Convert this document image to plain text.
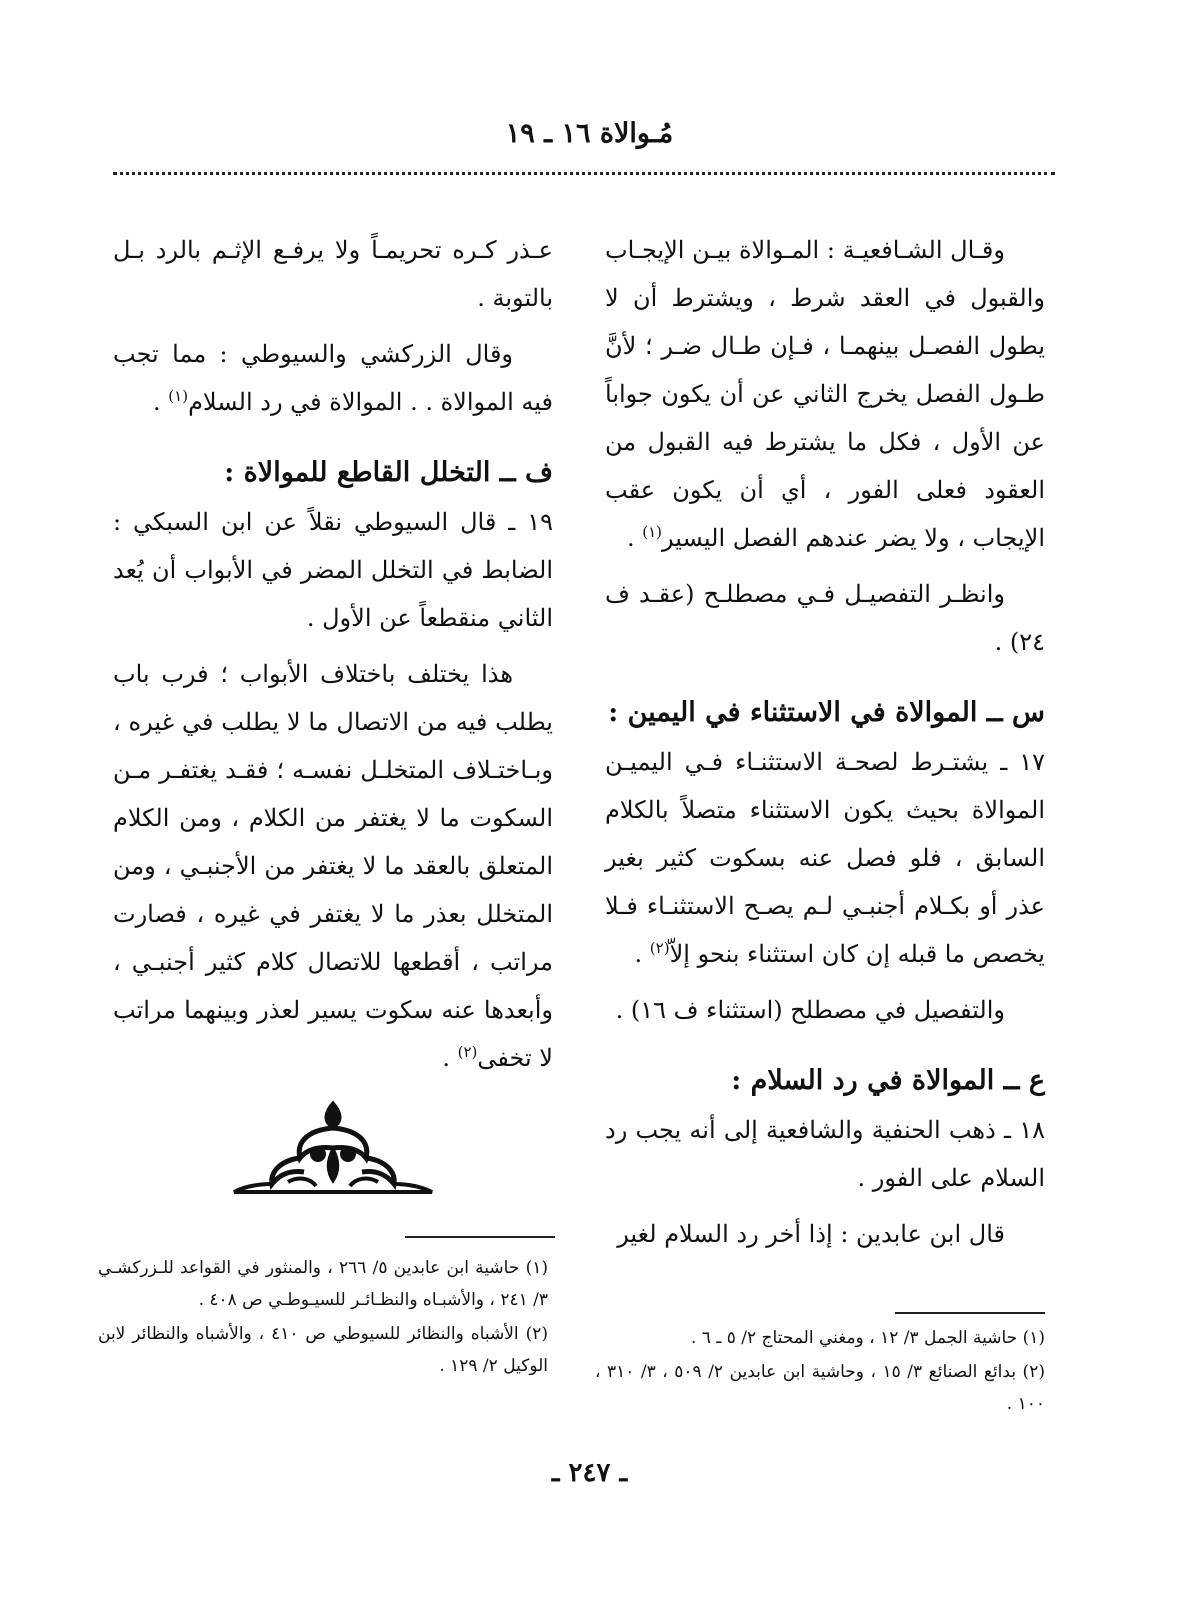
مُـوالاة ١٦ ـ ١٩

وقـال الشـافعيـة : المـوالاة بيـن الإيجـاب والقبول في العقد شرط ، ويشترط أن لا يطول الفصـل بينهمـا ، فـإن طـال ضـر ؛ لأنَّ طـول الفصل يخرج الثاني عن أن يكون جواباً عن الأول ، فكل ما يشترط فيه القبول من العقود فعلى الفور ، أي أن يكون عقب الإيجاب ، ولا يضر عندهم الفصل اليسير$^{(١)}$ .

وانظـر التفصيـل فـي مصطلـح (عقـد ف ٢٤) .

س ــ الموالاة في الاستثناء في اليمين :

١٧ ـ يشتـرط لصحـة الاستثنـاء فـي اليميـن الموالاة بحيث يكون الاستثناء متصلاً بالكلام السابق ، فلو فصل عنه بسكوت كثير بغير عذر أو بكـلام أجنبـي لـم يصـح الاستثنـاء فـلا يخصص ما قبله إن كان استثناء بنحو إلاّ$^{(٢)}$ .

والتفصيل في مصطلح (استثناء ف ١٦) .

ع ــ الموالاة في رد السلام :

١٨ ـ ذهب الحنفية والشافعية إلى أنه يجب رد السلام على الفور .

قال ابن عابدين : إذا أخر رد السلام لغير

عـذر كـره تحريمـاً ولا يرفـع الإثـم بالرد بـل بالتوبة .

وقال الزركشي والسيوطي : مما تجب فيه الموالاة . . الموالاة في رد السلام$^{(١)}$ .

ف ــ التخلل القاطع للموالاة :

١٩ ـ قال السيوطي نقلاً عن ابن السبكي : الضابط في التخلل المضر في الأبواب أن يُعد الثاني منقطعاً عن الأول .

هذا يختلف باختلاف الأبواب ؛ فرب باب يطلب فيه من الاتصال ما لا يطلب في غيره ، وبـاختـلاف المتخلـل نفسـه ؛ فقـد يغتفـر مـن السكوت ما لا يغتفر من الكلام ، ومن الكلام المتعلق بالعقد ما لا يغتفر من الأجنبـي ، ومن المتخلل بعذر ما لا يغتفر في غيره ، فصارت مراتب ، أقطعها للاتصال كلام كثير أجنبـي ، وأبعدها عنه سكوت يسير لعذر وبينهما مراتب لا تخفى$^{(٢)}$ .

(١) حاشية ابن عابدين ٥/ ٢٦٦ ، والمنثور في القواعد للـزركشـي ٣/ ٢٤١ ، والأشبـاه والنظـائـر للسيـوطـي ص ٤٠٨ .

(٢) الأشباه والنظائر للسيوطي ص ٤١٠ ، والأشباه والنظائر لابن الوكيل ٢/ ١٢٩ .

(١) حاشية الجمل ٣/ ١٢ ، ومغني المحتاج ٢/ ٥ ـ ٦ .

(٢) بدائع الصنائع ٣/ ١٥ ، وحاشية ابن عابدين ٢/ ٥٠٩ ، ٣/ ٣١٠ ، ١٠٠ .

ـ ٢٤٧ ـ
